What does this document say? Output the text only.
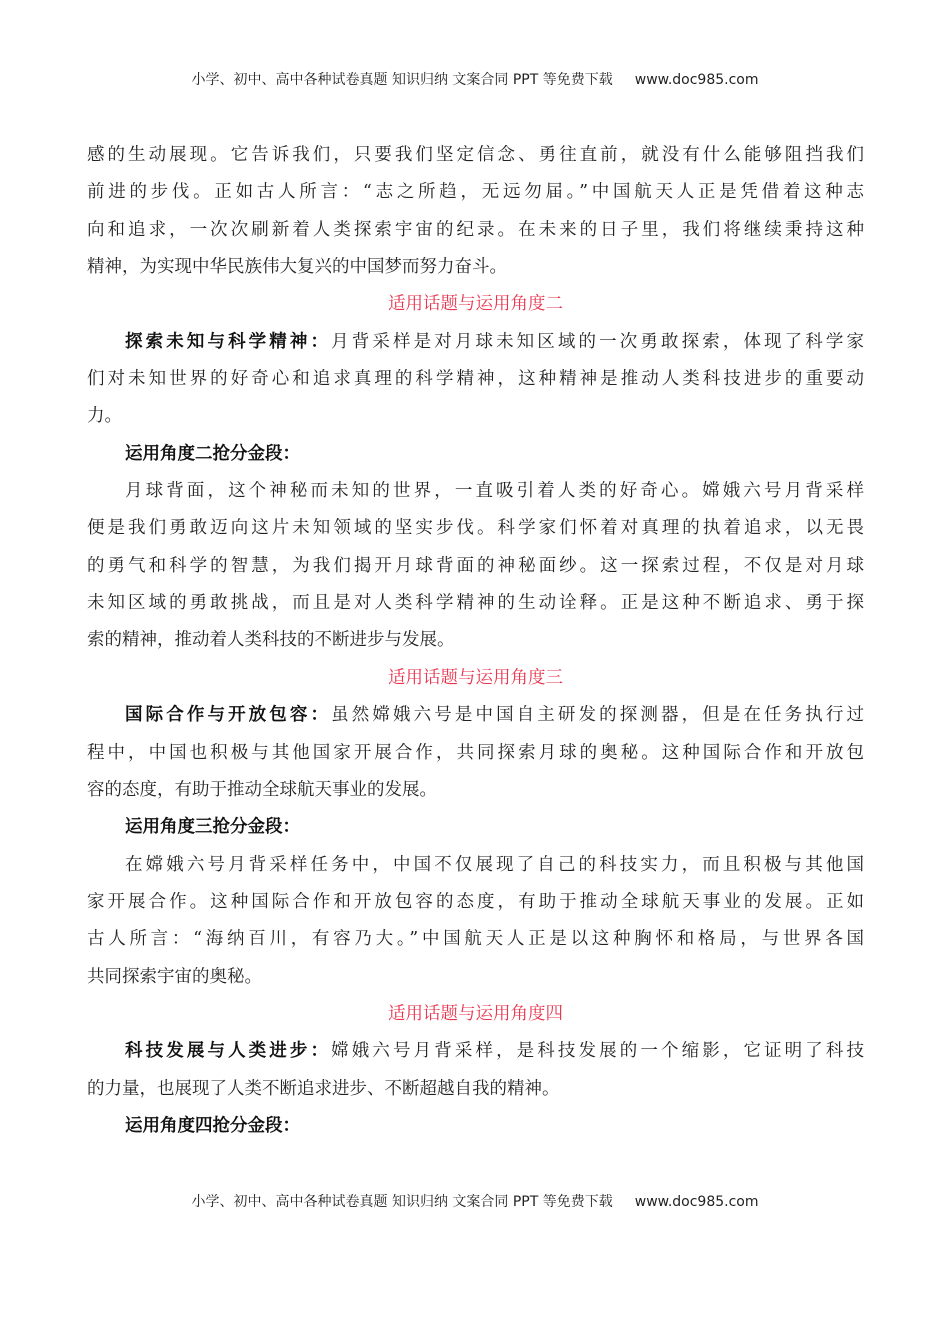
小学、初中、高中各种试卷真题 知识归纳 文案合同 PPT 等免费下载 www.doc985.com
感的生动展现。它告诉我们，只要我们坚定信念、勇往直前，就没有什么能够阻挡我们
前进的步伐。正如古人所言：“志之所趋，无远勿届。”中国航天人正是凭借着这种志
向和追求，一次次刷新着人类探索宇宙的纪录。在未来的日子里，我们将继续秉持这种
精神，为实现中华民族伟大复兴的中国梦而努力奋斗。
适用话题与运用角度二
探索未知与科学精神：月背采样是对月球未知区域的一次勇敢探索，体现了科学家
们对未知世界的好奇心和追求真理的科学精神，这种精神是推动人类科技进步的重要动
力。
运用角度二抢分金段：
月球背面，这个神秘而未知的世界，一直吸引着人类的好奇心。嫦娥六号月背采样
便是我们勇敢迈向这片未知领域的坚实步伐。科学家们怀着对真理的执着追求，以无畏
的勇气和科学的智慧，为我们揭开月球背面的神秘面纱。这一探索过程，不仅是对月球
未知区域的勇敢挑战，而且是对人类科学精神的生动诠释。正是这种不断追求、勇于探
索的精神，推动着人类科技的不断进步与发展。
适用话题与运用角度三
国际合作与开放包容：虽然嫦娥六号是中国自主研发的探测器，但是在任务执行过
程中，中国也积极与其他国家开展合作，共同探索月球的奥秘。这种国际合作和开放包
容的态度，有助于推动全球航天事业的发展。
运用角度三抢分金段：
在嫦娥六号月背采样任务中，中国不仅展现了自己的科技实力，而且积极与其他国
家开展合作。这种国际合作和开放包容的态度，有助于推动全球航天事业的发展。正如
古人所言：“海纳百川，有容乃大。”中国航天人正是以这种胸怀和格局，与世界各国
共同探索宇宙的奥秘。
适用话题与运用角度四
科技发展与人类进步：嫦娥六号月背采样，是科技发展的一个缩影，它证明了科技
的力量，也展现了人类不断追求进步、不断超越自我的精神。
运用角度四抢分金段：
小学、初中、高中各种试卷真题 知识归纳 文案合同 PPT 等免费下载 www.doc985.com
